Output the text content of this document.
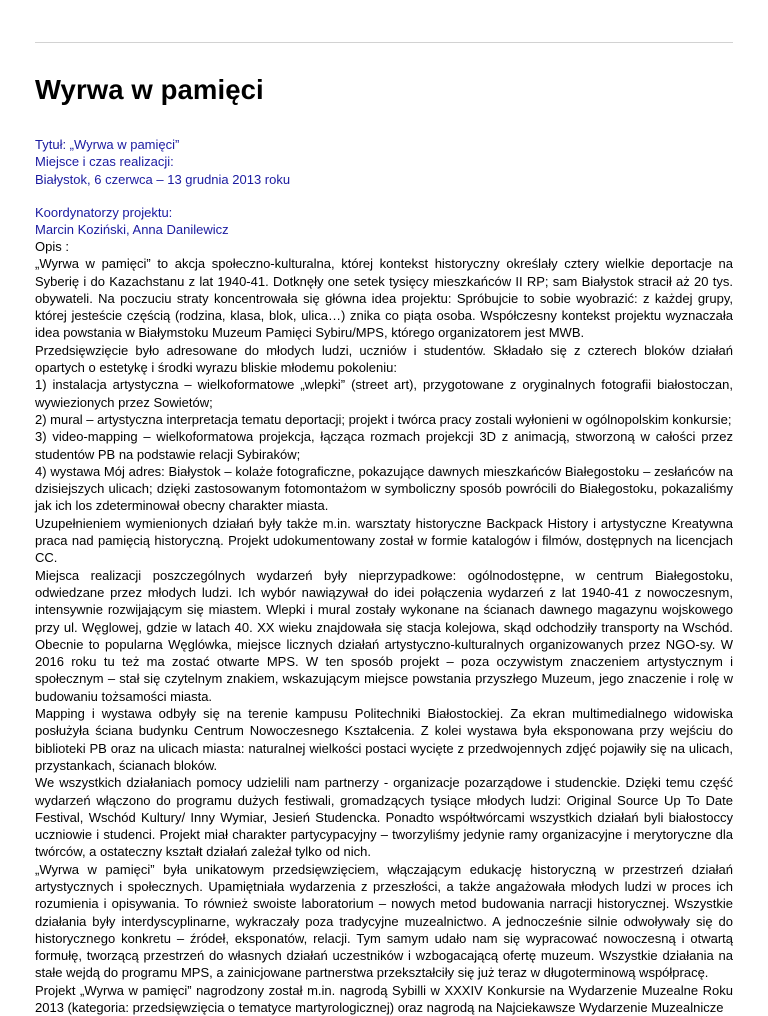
Wyrwa w pamięci
Tytuł: „Wyrwa w pamięci”
Miejsce i czas realizacji:
Białystok, 6 czerwca – 13 grudnia 2013 roku
Koordynatorzy projektu:
Marcin Koziński, Anna Danilewicz

Opis :

„Wyrwa w pamięci” to akcja społeczno-kulturalna, której kontekst historyczny określały cztery wielkie deportacje na Syberię i do Kazachstanu z lat 1940-41. Dotknęły one setek tysięcy mieszkańców II RP; sam Białystok stracił aż 20 tys. obywateli. Na poczuciu straty koncentrowała się główna idea projektu: Spróbujcie to sobie wyobrazić: z każdej grupy, której jesteście częścią (rodzina, klasa, blok, ulica…) znika co piąta osoba. Współczesny kontekst projektu wyznaczała idea powstania w Białymstoku Muzeum Pamięci Sybiru/MPS, którego organizatorem jest MWB.

Przedsięwzięcie było adresowane do młodych ludzi, uczniów i studentów. Składało się z czterech bloków działań opartych o estetykę i środki wyrazu bliskie młodemu pokoleniu:

1) instalacja artystyczna – wielkoformatowe „wlepki” (street art), przygotowane z oryginalnych fotografii białostoczan, wywiezionych przez Sowietów;

2) mural – artystyczna interpretacja tematu deportacji; projekt i twórca pracy zostali wyłonieni w ogólnopolskim konkursie;

3) video-mapping – wielkoformatowa projekcja, łącząca rozmach projekcji 3D z animacją, stworzoną w całości przez studentów PB na podstawie relacji Sybiraków;

4) wystawa Mój adres: Białystok – kolaże fotograficzne, pokazujące dawnych mieszkańców Białegostoku – zesłańców na dzisiejszych ulicach; dzięki zastosowanym fotomontażom w symboliczny sposób powrócili do Białegostoku, pokazaliśmy jak ich los zdeterminował obecny charakter miasta.

Uzupełnieniem wymienionych działań były także m.in. warsztaty historyczne Backpack History i artystyczne Kreatywna praca nad pamięcią historyczną. Projekt udokumentowany został w formie katalogów i filmów, dostępnych na licencjach CC.

Miejsca realizacji poszczególnych wydarzeń były nieprzypadkowe: ogólnodostępne, w centrum Białegostoku, odwiedzane przez młodych ludzi. Ich wybór nawiązywał do idei połączenia wydarzeń z lat 1940-41 z nowoczesnym, intensywnie rozwijającym się miastem. Wlepki i mural zostały wykonane na ścianach dawnego magazynu wojskowego przy ul. Węglowej, gdzie w latach 40. XX wieku znajdowała się stacja kolejowa, skąd odchodziły transporty na Wschód. Obecnie to popularna Węglówka, miejsce licznych działań artystyczno-kulturalnych organizowanych przez NGO-sy. W 2016 roku tu też ma zostać otwarte MPS. W ten sposób projekt – poza oczywistym znaczeniem artystycznym i społecznym – stał się czytelnym znakiem, wskazującym miejsce powstania przyszłego Muzeum, jego znaczenie i rolę w budowaniu tożsamości miasta.

Mapping i wystawa odbyły się na terenie kampusu Politechniki Białostockiej. Za ekran multimedialnego widowiska posłużyła ściana budynku Centrum Nowoczesnego Kształcenia. Z kolei wystawa była eksponowana przy wejściu do biblioteki PB oraz na ulicach miasta: naturalnej wielkości postaci wycięte z przedwojennych zdjęć pojawiły się na ulicach, przystankach, ścianach bloków.

We wszystkich działaniach pomocy udzielili nam partnerzy - organizacje pozarządowe i studenckie. Dzięki temu część wydarzeń włączono do programu dużych festiwali, gromadzących tysiące młodych ludzi: Original Source Up To Date Festival, Wschód Kultury/ Inny Wymiar, Jesień Studencka. Ponadto współtwórcami wszystkich działań byli białostoccy uczniowie i studenci. Projekt miał charakter partycypacyjny – tworzyliśmy jedynie ramy organizacyjne i merytoryczne dla twórców, a ostateczny kształt działań zależał tylko od nich.

„Wyrwa w pamięci” była unikatowym przedsięwzięciem, włączającym edukację historyczną w przestrzeń działań artystycznych i społecznych. Upamiętniała wydarzenia z przeszłości, a także angażowała młodych ludzi w proces ich rozumienia i opisywania. To również swoiste laboratorium – nowych metod budowania narracji historycznej. Wszystkie działania były interdyscyplinarne, wykraczały poza tradycyjne muzealnictwo. A jednocześnie silnie odwoływały się do historycznego konkretu – źródeł, eksponatów, relacji. Tym samym udało nam się wypracować nowoczesną i otwartą formułę, tworzącą przestrzeń do własnych działań uczestników i wzbogacającą ofertę muzeum. Wszystkie działania na stałe wejdą do programu MPS, a zainicjowane partnerstwa przekształciły się już teraz w długoterminową współpracę.

Projekt „Wyrwa w pamięci” nagrodzony został m.in. nagrodą Sybilli w XXXIV Konkursie na Wydarzenie Muzealne Roku 2013 (kategoria: przedsięwzięcia o tematyce martyrologicznej) oraz nagrodą na Najciekawsze Wydarzenie Muzealnicze
